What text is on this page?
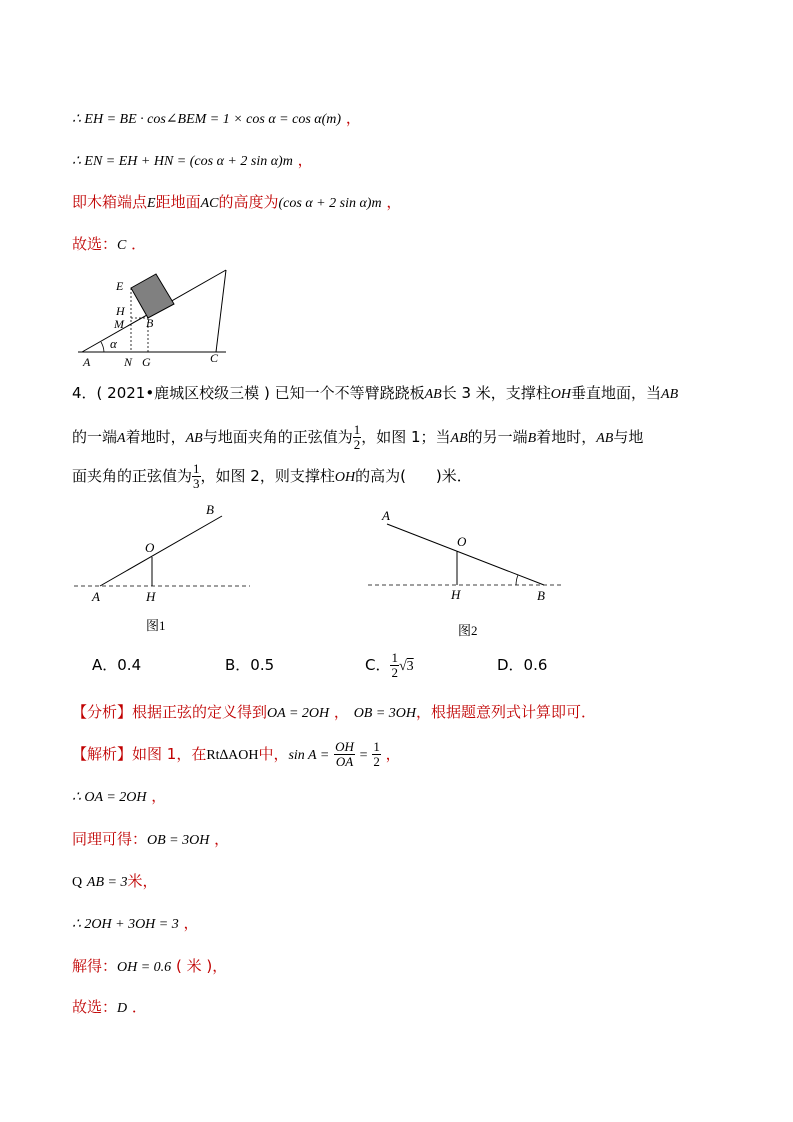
∴ EH = BE · cos∠BEM = 1 × cos α = cos α(m) ，
∴ EN = EH + HN = (cos α + 2 sin α)m ，
即木箱端点E距地面AC的高度为(cos α + 2 sin α)m ，
故选：C ．
E
H
M B
α
A	N G	C
4．( 2021•鹿城区校级三模 ) 已知一个不等臂跷跷板AB长 3 米，支撑柱OH垂直地面，当AB
的一端A着地时，AB与地面夹角的正弦值为 $\frac{1}{2}$ ，如图 1；当AB的另一端B着地时，AB与地
面夹角的正弦值为 $\frac{1}{3}$ ，如图 2，则支撑柱OH的高为(　　)米．
B
O
A	H
图1
A
O
H	B
图2
A．0.4	B．0.5	C． $\frac{1}{2} √3$	D．0.6
【分析】根据正弦的定义得到OA = 2OH ， OB = 3OH，根据题意列式计算即可．
【解析】如图 1，在Rt∆AOH中，$\sin A = \frac{OH}{OA} = \frac{1}{2}$ ，
∴ OA = 2OH ，
同理可得：OB = 3OH ，
Q AB = 3米，
∴ 2OH + 3OH = 3 ，
解得：OH = 0.6 ( 米 )，
故选：D ．
